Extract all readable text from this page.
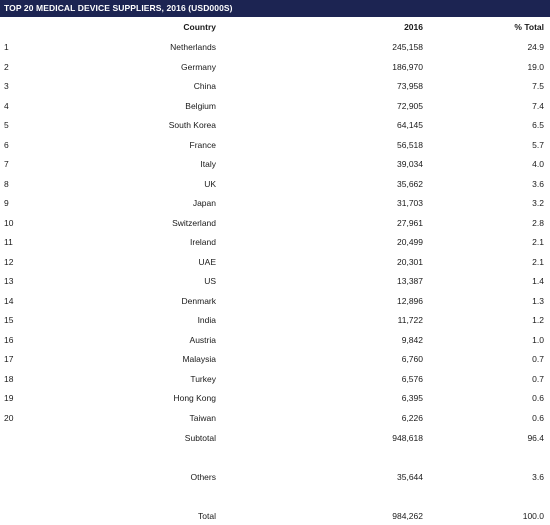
TOP 20 MEDICAL DEVICE SUPPLIERS, 2016 (USD000S)
Country	2016	% Total
1	Netherlands	245,158	24.9
2	Germany	186,970	19.0
3	China	73,958	7.5
4	Belgium	72,905	7.4
5	South Korea	64,145	6.5
6	France	56,518	5.7
7	Italy	39,034	4.0
8	UK	35,662	3.6
9	Japan	31,703	3.2
10	Switzerland	27,961	2.8
11	Ireland	20,499	2.1
12	UAE	20,301	2.1
13	US	13,387	1.4
14	Denmark	12,896	1.3
15	India	11,722	1.2
16	Austria	9,842	1.0
17	Malaysia	6,760	0.7
18	Turkey	6,576	0.7
19	Hong Kong	6,395	0.6
20	Taiwan	6,226	0.6
Subtotal	948,618	96.4
Others	35,644	3.6
Total	984,262	100.0
